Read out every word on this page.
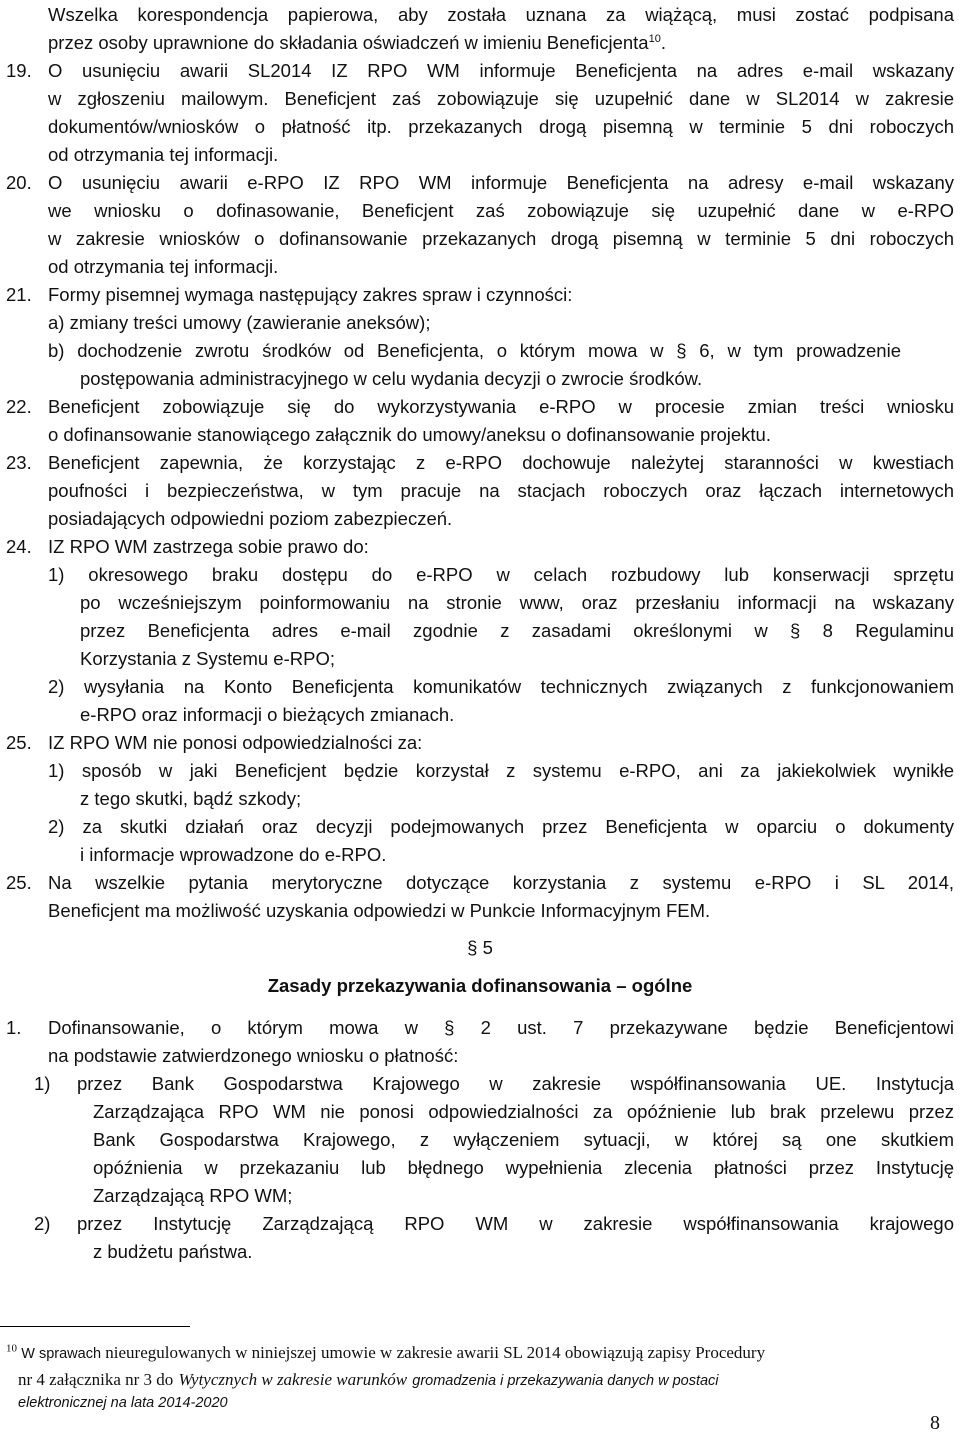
Wszelka korespondencja papierowa, aby została uznana za wiążącą, musi zostać podpisana
przez osoby uprawnione do składania oświadczeń w imieniu Beneficjenta$^{10}$.
19. O usunięciu awarii SL2014 IZ RPO WM informuje Beneficjenta na adres e-mail wskazany
w zgłoszeniu mailowym. Beneficjent zaś zobowiązuje się uzupełnić dane w SL2014 w zakresie
dokumentów/wniosków o płatność itp. przekazanych drogą pisemną w terminie 5 dni roboczych
od otrzymania tej informacji.
20. O usunięciu awarii e-RPO IZ RPO WM informuje Beneficjenta na adresy e-mail wskazany
we wniosku o dofinasowanie, Beneficjent zaś zobowiązuje się uzupełnić dane w e-RPO
w zakresie wniosków o dofinansowanie przekazanych drogą pisemną w terminie 5 dni roboczych
od otrzymania tej informacji.
21. Formy pisemnej wymaga następujący zakres spraw i czynności:
a) zmiany treści umowy (zawieranie aneksów);
b) dochodzenie zwrotu środków od Beneficjenta, o którym mowa w § 6, w tym prowadzenie
postępowania administracyjnego w celu wydania decyzji o zwrocie środków.
22. Beneficjent zobowiązuje się do wykorzystywania e-RPO w procesie zmian treści wniosku
o dofinansowanie stanowiącego załącznik do umowy/aneksu o dofinansowanie projektu.
23. Beneficjent zapewnia, że korzystając z e-RPO dochowuje należytej staranności w kwestiach
poufności i bezpieczeństwa, w tym pracuje na stacjach roboczych oraz łączach internetowych
posiadających odpowiedni poziom zabezpieczeń.
24. IZ RPO WM zastrzega sobie prawo do:
1) okresowego braku dostępu do e-RPO w celach rozbudowy lub konserwacji sprzętu
po wcześniejszym poinformowaniu na stronie www, oraz przesłaniu informacji na wskazany
przez Beneficjenta adres e-mail zgodnie z zasadami określonymi w § 8 Regulaminu
Korzystania z Systemu e-RPO;
2) wysyłania na Konto Beneficjenta komunikatów technicznych związanych z funkcjonowaniem
e-RPO oraz informacji o bieżących zmianach.
25. IZ RPO WM nie ponosi odpowiedzialności za:
1) sposób w jaki Beneficjent będzie korzystał z systemu e-RPO, ani za jakiekolwiek wynikłe
z tego skutki, bądź szkody;
2) za skutki działań oraz decyzji podejmowanych przez Beneficjenta w oparciu o dokumenty
i informacje wprowadzone do e-RPO.
25. Na wszelkie pytania merytoryczne dotyczące korzystania z systemu e-RPO i SL 2014,
Beneficjent ma możliwość uzyskania odpowiedzi w Punkcie Informacyjnym FEM.
§ 5
Zasady przekazywania dofinansowania – ogólne
1. Dofinansowanie, o którym mowa w § 2 ust. 7 przekazywane będzie Beneficjentowi
na podstawie zatwierdzonego wniosku o płatność:
1) przez Bank Gospodarstwa Krajowego w zakresie współfinansowania UE. Instytucja
Zarządzająca RPO WM nie ponosi odpowiedzialności za opóźnienie lub brak przelewu przez
Bank Gospodarstwa Krajowego, z wyłączeniem sytuacji, w której są one skutkiem
opóźnienia w przekazaniu lub błędnego wypełnienia zlecenia płatności przez Instytucję
Zarządzającą RPO WM;
2) przez Instytucję Zarządzającą RPO WM w zakresie współfinansowania krajowego
z budżetu państwa.
$^{10}$ W sprawach nieuregulowanych w niniejszej umowie w zakresie awarii SL 2014 obowiązują zapisy Procedury
nr 4 załącznika nr 3 do Wytycznych w zakresie warunków gromadzenia i przekazywania danych w postaci
elektronicznej na lata 2014-2020
8
